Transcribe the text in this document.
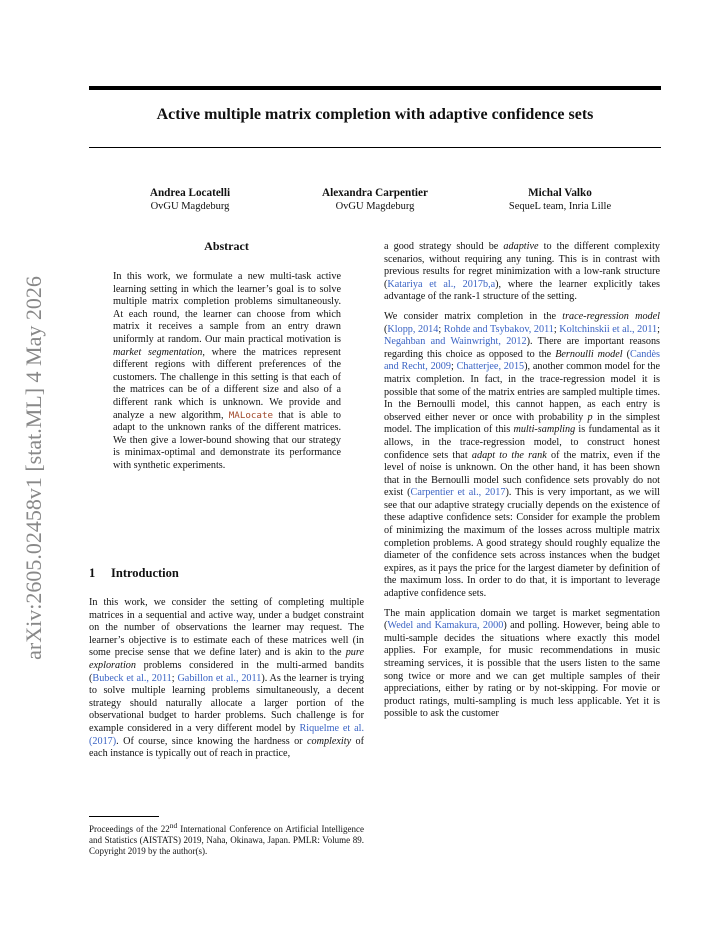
arXiv:2605.02458v1 [stat.ML] 4 May 2026
Active multiple matrix completion with adaptive confidence sets
Andrea Locatelli
OvGU Magdeburg
Alexandra Carpentier
OvGU Magdeburg
Michal Valko
SequeL team, Inria Lille
Abstract

In this work, we formulate a new multi-task active learning setting in which the learner’s goal is to solve multiple matrix completion problems simultaneously. At each round, the learner can choose from which matrix it receives a sample from an entry drawn uniformly at random. Our main practical motivation is market segmentation, where the matrices represent different regions with different preferences of the customers. The challenge in this setting is that each of the matrices can be of a different size and also of a different rank which is unknown. We provide and analyze a new algorithm, MALocate that is able to adapt to the unknown ranks of the different matrices. We then give a lower-bound showing that our strategy is minimax-optimal and demonstrate its performance with synthetic experiments.

1 Introduction

In this work, we consider the setting of completing multiple matrices in a sequential and active way, under a budget constraint on the number of observations the learner may request. The learner’s objective is to estimate each of these matrices well (in some precise sense that we define later) and is akin to the pure exploration problems considered in the multi-armed bandits (Bubeck et al., 2011; Gabillon et al., 2011). As the learner is trying to solve multiple learning problems simultaneously, a decent strategy should naturally allocate a larger portion of the observational budget to harder problems. Such challenge is for example considered in a very different model by Riquelme et al. (2017). Of course, since knowing the hardness or complexity of each instance is typically out of reach in practice,

Proceedings of the 22nd International Conference on Artificial Intelligence and Statistics (AISTATS) 2019, Naha, Okinawa, Japan. PMLR: Volume 89. Copyright 2019 by the author(s).

a good strategy should be adaptive to the different complexity scenarios, without requiring any tuning. This is in contrast with previous results for regret minimization with a low-rank structure (Katariya et al., 2017b,a), where the learner explicitly takes advantage of the rank-1 structure of the setting.

We consider matrix completion in the trace-regression model (Klopp, 2014; Rohde and Tsybakov, 2011; Koltchinskii et al., 2011; Negahban and Wainwright, 2012). There are important reasons regarding this choice as opposed to the Bernoulli model (Candès and Recht, 2009; Chatterjee, 2015), another common model for the matrix completion. In fact, in the trace-regression model it is possible that some of the matrix entries are sampled multiple times. In the Bernoulli model, this cannot happen, as each entry is observed either never or once with probability p in the simplest model. The implication of this multi-sampling is fundamental as it allows, in the trace-regression model, to construct honest confidence sets that adapt to the rank of the matrix, even if the level of noise is unknown. On the other hand, it has been shown that in the Bernoulli model such confidence sets provably do not exist (Carpentier et al., 2017). This is very important, as we will see that our adaptive strategy crucially depends on the existence of these adaptive confidence sets: Consider for example the problem of minimizing the maximum of the losses across multiple matrix completion problems. A good strategy should roughly equalize the diameter of the confidence sets across instances when the budget expires, as it pays the price for the largest diameter by definition of the maximum loss. In order to do that, it is important to leverage adaptive confidence sets.

The main application domain we target is market segmentation (Wedel and Kamakura, 2000) and polling. However, being able to multi-sample decides the situations where exactly this model applies. For example, for music recommendations in music streaming services, it is possible that the users listen to the same song twice or more and we can get multiple samples of their appreciations, either by rating or by not-skipping. For movie or product ratings, multi-sampling is much less applicable. Yet it is possible to ask the customer
